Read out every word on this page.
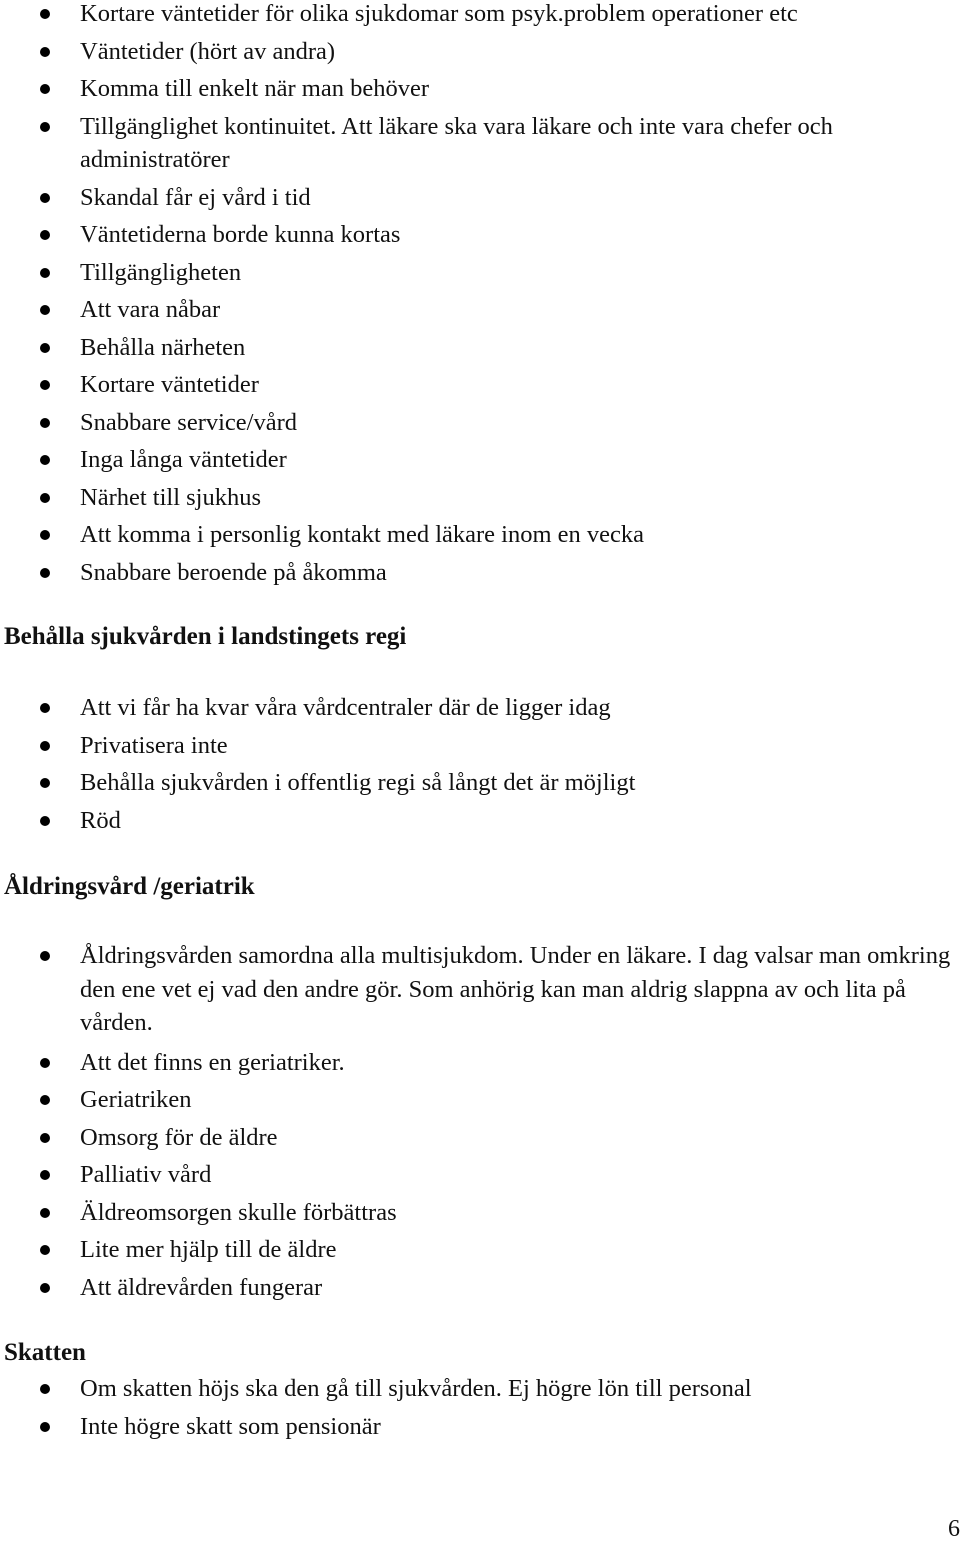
Kortare väntetider för olika sjukdomar som psyk.problem operationer etc
Väntetider (hört av andra)
Komma till enkelt när man behöver
Tillgänglighet kontinuitet. Att läkare ska vara läkare och inte vara chefer och administratörer
Skandal får ej vård i tid
Väntetiderna borde kunna kortas
Tillgängligheten
Att vara nåbar
Behålla närheten
Kortare väntetider
Snabbare service/vård
Inga långa väntetider
Närhet till sjukhus
Att komma i personlig kontakt med läkare inom en vecka
Snabbare beroende på åkomma
Behålla sjukvården i landstingets regi
Att vi får ha kvar våra vårdcentraler där de ligger idag
Privatisera inte
Behålla sjukvården i offentlig regi så långt det är möjligt
Röd
Åldringsvård /geriatrik
Åldringsvården samordna alla multisjukdom. Under en läkare. I dag valsar man omkring den ene vet ej vad den andre gör. Som anhörig kan man aldrig slappna av och lita på vården.
Att det finns en geriatriker.
Geriatriken
Omsorg för de äldre
Palliativ vård
Äldreomsorgen skulle förbättras
Lite mer hjälp till de äldre
Att äldrevården fungerar
Skatten
Om skatten höjs ska den gå till sjukvården. Ej högre lön till personal
Inte högre skatt som pensionär
6
